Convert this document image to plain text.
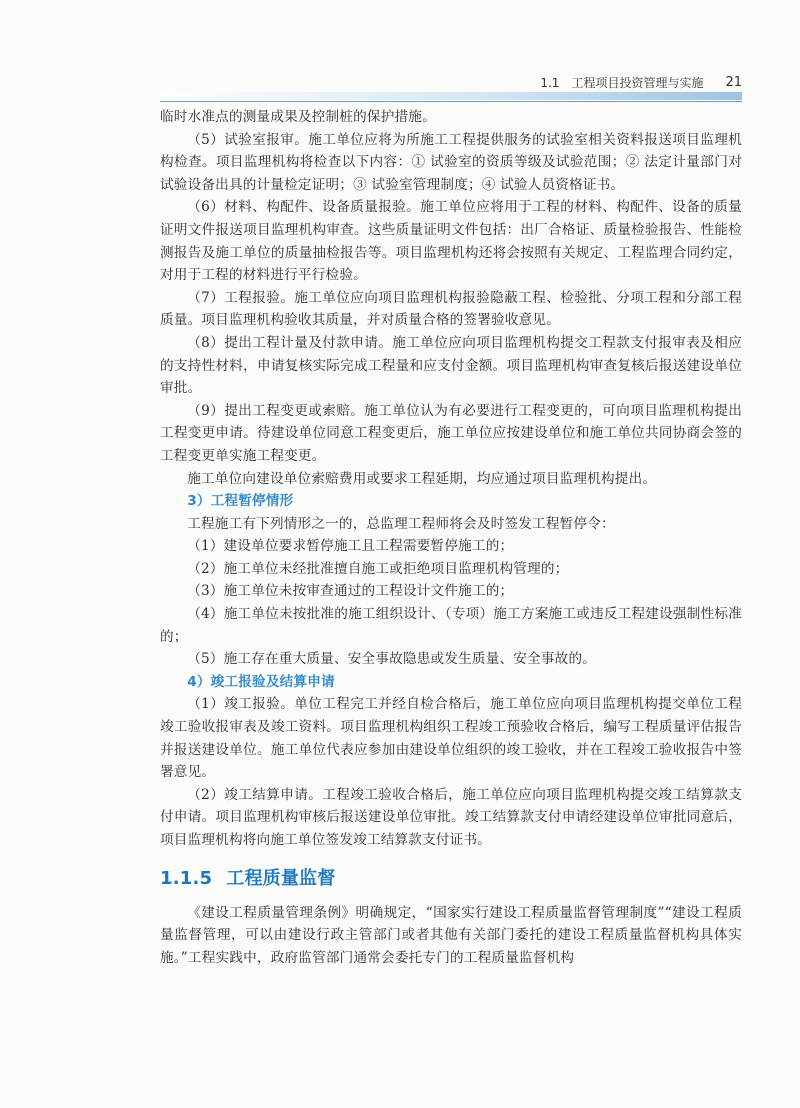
1.1　工程项目投资管理与实施 21

临时水准点的测量成果及控制桩的保护措施。

（5）试验室报审。施工单位应将为所施工工程提供服务的试验室相关资料报送项目监理机构检查。项目监理机构将检查以下内容：① 试验室的资质等级及试验范围；② 法定计量部门对试验设备出具的计量检定证明；③ 试验室管理制度；④ 试验人员资格证书。

（6）材料、构配件、设备质量报验。施工单位应将用于工程的材料、构配件、设备的质量证明文件报送项目监理机构审查。这些质量证明文件包括：出厂合格证、质量检验报告、性能检测报告及施工单位的质量抽检报告等。项目监理机构还将会按照有关规定、工程监理合同约定，对用于工程的材料进行平行检验。

（7）工程报验。施工单位应向项目监理机构报验隐蔽工程、检验批、分项工程和分部工程质量。项目监理机构验收其质量，并对质量合格的签署验收意见。

（8）提出工程计量及付款申请。施工单位应向项目监理机构提交工程款支付报审表及相应的支持性材料，申请复核实际完成工程量和应支付金额。项目监理机构审查复核后报送建设单位审批。

（9）提出工程变更或索赔。施工单位认为有必要进行工程变更的，可向项目监理机构提出工程变更申请。待建设单位同意工程变更后，施工单位应按建设单位和施工单位共同协商会签的工程变更单实施工程变更。

施工单位向建设单位索赔费用或要求工程延期，均应通过项目监理机构提出。

3）工程暂停情形

工程施工有下列情形之一的，总监理工程师将会及时签发工程暂停令：

（1）建设单位要求暂停施工且工程需要暂停施工的；

（2）施工单位未经批准擅自施工或拒绝项目监理机构管理的；

（3）施工单位未按审查通过的工程设计文件施工的；

（4）施工单位未按批准的施工组织设计、（专项）施工方案施工或违反工程建设强制性标准的；

（5）施工存在重大质量、安全事故隐患或发生质量、安全事故的。

4）竣工报验及结算申请

（1）竣工报验。单位工程完工并经自检合格后，施工单位应向项目监理机构提交单位工程竣工验收报审表及竣工资料。项目监理机构组织工程竣工预验收合格后，编写工程质量评估报告并报送建设单位。施工单位代表应参加由建设单位组织的竣工验收，并在工程竣工验收报告中签署意见。

（2）竣工结算申请。工程竣工验收合格后，施工单位应向项目监理机构提交竣工结算款支付申请。项目监理机构审核后报送建设单位审批。竣工结算款支付申请经建设单位审批同意后，项目监理机构将向施工单位签发竣工结算款支付证书。

1.1.5 工程质量监督

《建设工程质量管理条例》明确规定，“国家实行建设工程质量监督管理制度”“建设工程质量监督管理，可以由建设行政主管部门或者其他有关部门委托的建设工程质量监督机构具体实施。”工程实践中，政府监管部门通常会委托专门的工程质量监督机构
